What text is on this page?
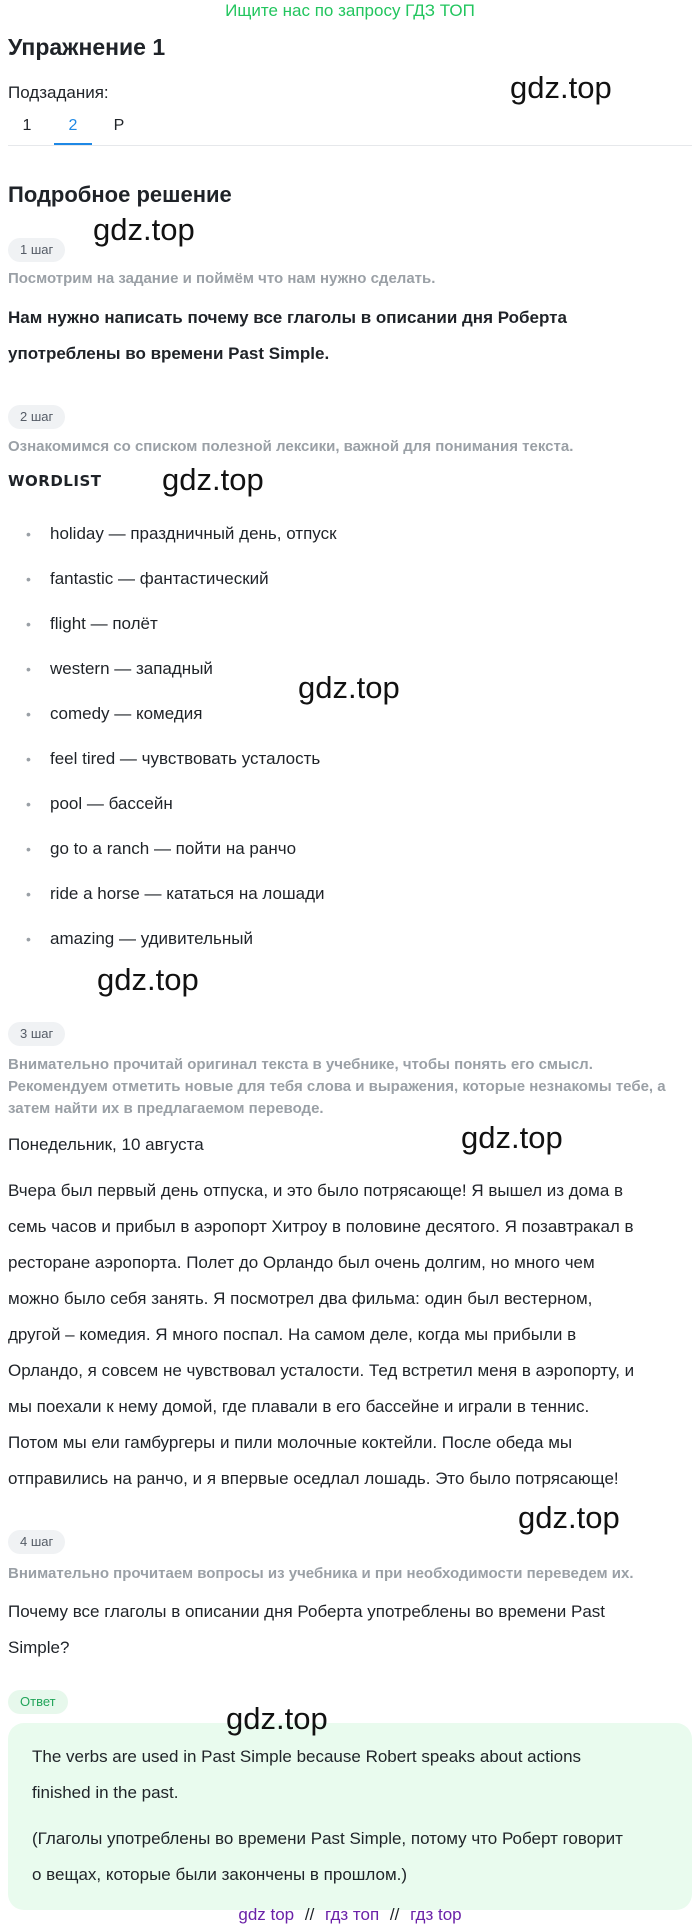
Ищите нас по запросу ГДЗ ТОП
Упражнение 1
Подзадания:
1	2	P
Подробное решение
1 шаг
Посмотрим на задание и поймём что нам нужно сделать.
Нам нужно написать почему все глаголы в описании дня Роберта
употреблены во времени Past Simple.
2 шаг
Ознакомимся со списком полезной лексики, важной для понимания текста.
WORDLIST
• holiday — праздничный день, отпуск
• fantastic — фантастический
• flight — полёт
• western — западный
• comedy — комедия
• feel tired — чувствовать усталость
• pool — бассейн
• go to a ranch — пойти на ранчо
• ride a horse — кататься на лошади
• amazing — удивительный
3 шаг
Внимательно прочитай оригинал текста в учебнике, чтобы понять его смысл.
Рекомендуем отметить новые для тебя слова и выражения, которые незнакомы тебе, а
затем найти их в предлагаемом переводе.
Понедельник, 10 августа
Вчера был первый день отпуска, и это было потрясающе! Я вышел из дома в
семь часов и прибыл в аэропорт Хитроу в половине десятого. Я позавтракал в
ресторане аэропорта. Полет до Орландо был очень долгим, но много чем
можно было себя занять. Я посмотрел два фильма: один был вестерном,
другой – комедия. Я много поспал. На самом деле, когда мы прибыли в
Орландо, я совсем не чувствовал усталости. Тед встретил меня в аэропорту, и
мы поехали к нему домой, где плавали в его бассейне и играли в теннис.
Потом мы ели гамбургеры и пили молочные коктейли. После обеда мы
отправились на ранчо, и я впервые оседлал лошадь. Это было потрясающе!
4 шаг
Внимательно прочитаем вопросы из учебника и при необходимости переведем их.
Почему все глаголы в описании дня Роберта употреблены во времени Past
Simple?
Ответ

The verbs are used in Past Simple because Robert speaks about actions
finished in the past.

(Глаголы употреблены во времени Past Simple, потому что Роберт говорит
о вещах, которые были закончены в прошлом.)

gdz.top
gdz.top
gdz.top
gdz.top
gdz.top
gdz.top
gdz.top
gdz.top
gdz top // гдз топ // гдз top
